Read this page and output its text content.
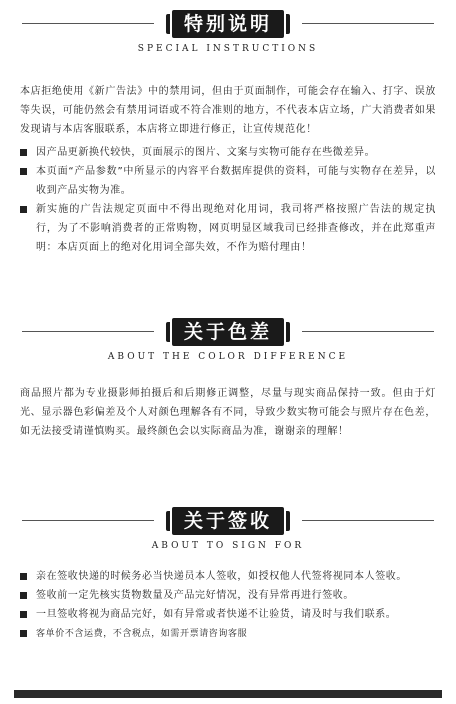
特别说明
SPECIAL INSTRUCTIONS
本店拒绝使用《新广告法》中的禁用词，但由于页面制作，可能会存在输入、打字、误放等失误，可能仍然会有禁用词语或不符合准则的地方，不代表本店立场，广大消费者如果发现请与本店客服联系，本店将立即进行修正，让宣传规范化！
因产品更新换代较快，页面展示的图片、文案与实物可能存在些微差异。
本页面“产品参数”中所显示的内容平台数据库提供的资料，可能与实物存在差异，以收到产品实物为准。
新实施的广告法规定页面中不得出现绝对化用词，我司将严格按照广告法的规定执行，为了不影响消费者的正常购物，网页明显区域我司已经排查修改，并在此郑重声明：本店页面上的绝对化用词全部失效，不作为赔付理由！
关于色差
ABOUT THE COLOR DIFFERENCE
商品照片都为专业摄影师拍摄后和后期修正调整，尽量与现实商品保持一致。但由于灯光、显示器色彩偏差及个人对颜色理解各有不同，导致少数实物可能会与照片存在色差，如无法接受请谨慎购买。最终颜色会以实际商品为准，谢谢亲的理解！
关于签收
ABOUT TO SIGN FOR
亲在签收快递的时候务必当快递员本人签收，如授权他人代签将视同本人签收。
签收前一定先核实货物数量及产品完好情况，没有异常再进行签收。
一旦签收将视为商品完好，如有异常或者快递不让验货，请及时与我们联系。
客单价不含运费，不含税点，如需开票请咨询客服
